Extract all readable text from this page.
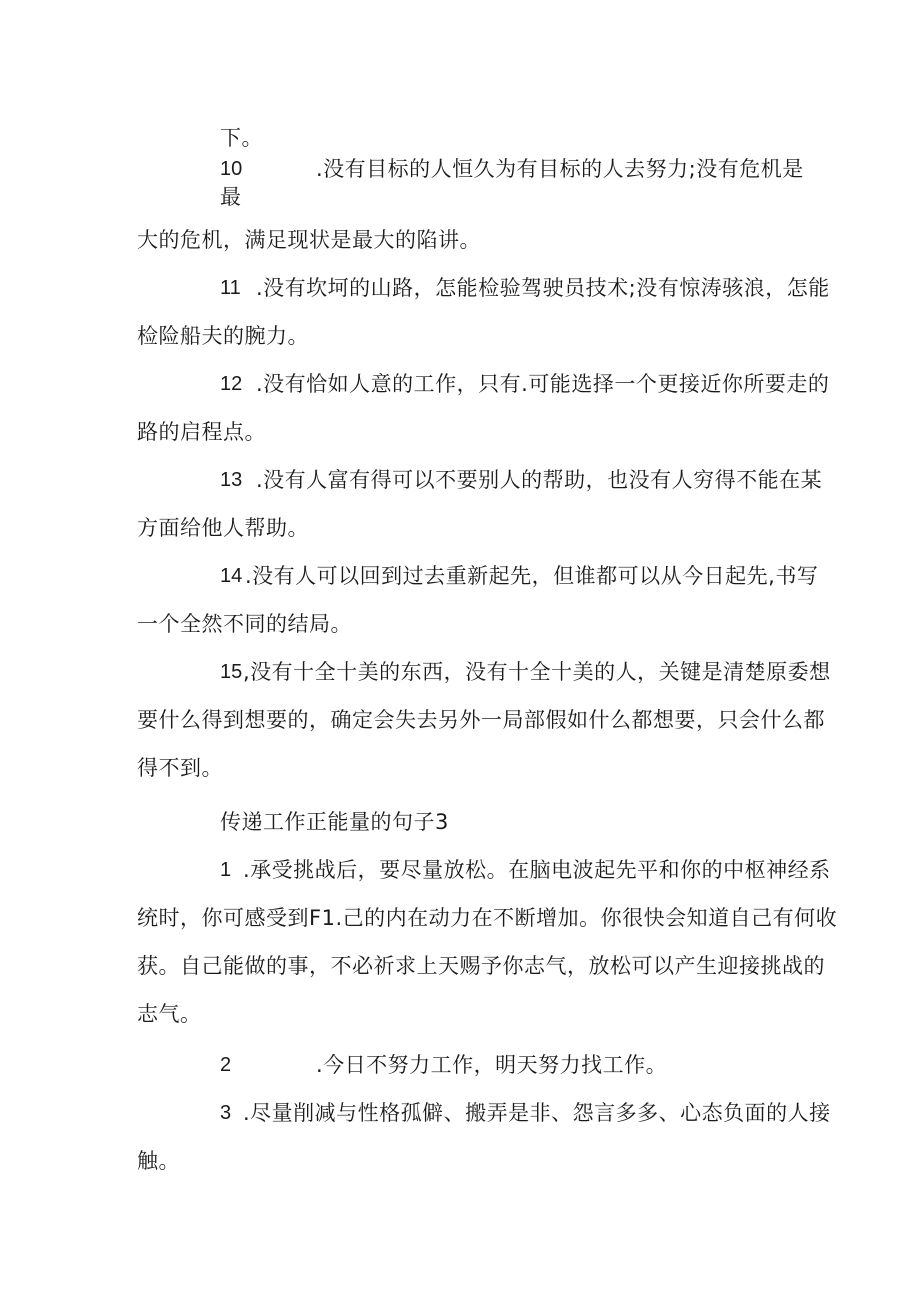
下。
10	.没有目标的人恒久为有目标的人去努力;没有危机是
最
大的危机，满足现状是最大的陷讲。
11 .没有坎坷的山路，怎能检验驾驶员技术;没有惊涛骇浪，怎能
检险船夫的腕力。
12 .没有恰如人意的工作，只有.可能选择一个更接近你所要走的
路的启程点。
13 .没有人富有得可以不要别人的帮助，也没有人穷得不能在某
方面给他人帮助。
14 .没有人可以回到过去重新起先，但谁都可以从今日起先,书写
一个全然不同的结局。
15 ,没有十全十美的东西，没有十全十美的人，关键是清楚原委想
要什么得到想要的，确定会失去另外一局部假如什么都想要，只会什么都
得不到。
传递工作正能量的句子3
1 .承受挑战后，要尽量放松。在脑电波起先平和你的中枢神经系
统时，你可感受到F1.己的内在动力在不断增加。你很快会知道自己有何收
获。自己能做的事，不必祈求上天赐予你志气，放松可以产生迎接挑战的
志气。
2	.今日不努力工作，明天努力找工作。
3 .尽量削减与性格孤僻、搬弄是非、怨言多多、心态负面的人接
触。
